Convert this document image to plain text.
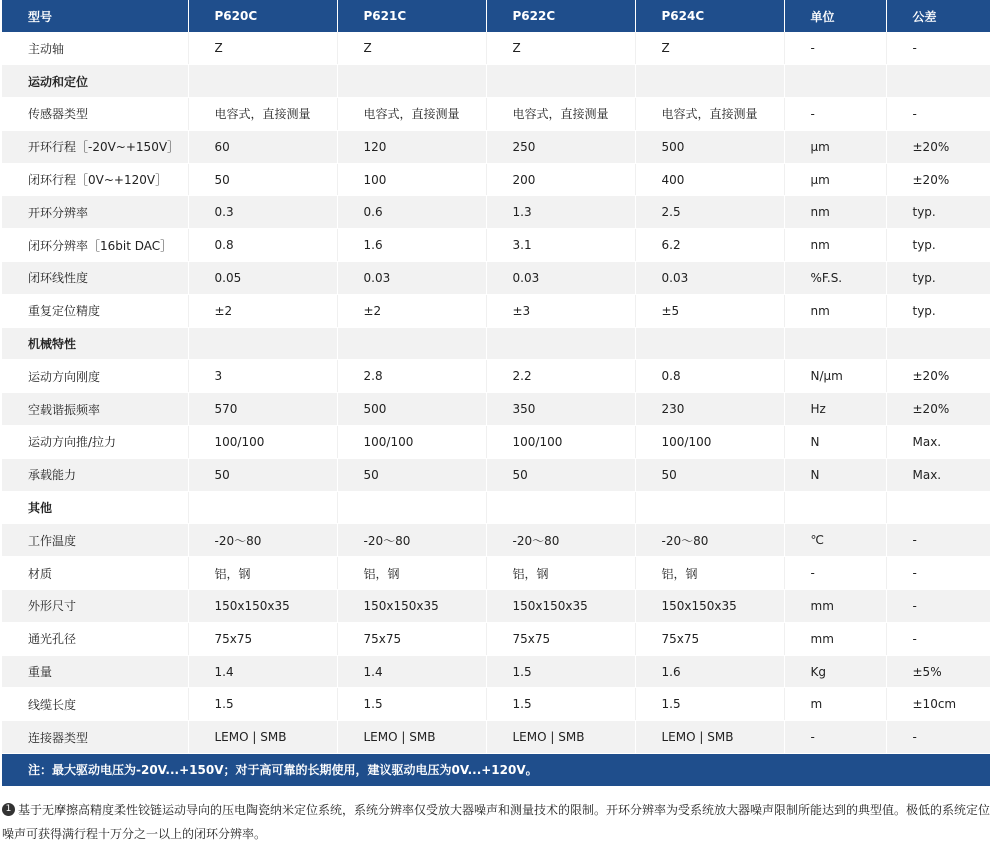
型号	P620C	P621C	P622C	P624C	单位	公差
主动轴	Z	Z	Z	Z	-	-
运动和定位						
传感器类型	电容式，直接测量	电容式，直接测量	电容式，直接测量	电容式，直接测量	-	-
开环行程［-20V~+150V］	60	120	250	500	μm	±20%
闭环行程［0V~+120V］	50	100	200	400	μm	±20%
开环分辨率	0.3	0.6	1.3	2.5	nm	typ.
闭环分辨率［16bit DAC］	0.8	1.6	3.1	6.2	nm	typ.
闭环线性度	0.05	0.03	0.03	0.03	%F.S.	typ.
重复定位精度	±2	±2	±3	±5	nm	typ.
机械特性						
运动方向刚度	3	2.8	2.2	0.8	N/μm	±20%
空载谐振频率	570	500	350	230	Hz	±20%
运动方向推/拉力	100/100	100/100	100/100	100/100	N	Max.
承载能力	50	50	50	50	N	Max.
其他						
工作温度	-20～80	-20～80	-20～80	-20～80	℃	-
材质	铝，钢	铝，钢	铝，钢	铝，钢	-	-
外形尺寸	150x150x35	150x150x35	150x150x35	150x150x35	mm	-
通光孔径	75x75	75x75	75x75	75x75	mm	-
重量	1.4	1.4	1.5	1.6	Kg	±5%
线缆长度	1.5	1.5	1.5	1.5	m	±10cm
连接器类型	LEMO | SMB	LEMO | SMB	LEMO | SMB	LEMO | SMB	-	-
注：最大驱动电压为-20V...+150V；对于高可靠的长期使用，建议驱动电压为0V...+120V。						
1 基于无摩擦高精度柔性铰链运动导向的压电陶瓷纳米定位系统，系统分辨率仅受放大器噪声和测量技术的限制。开环分辨率为受系统放大器噪声限制所能达到的典型值。极低的系统定位噪声可获得满行程十万分之一以上的闭环分辨率。
